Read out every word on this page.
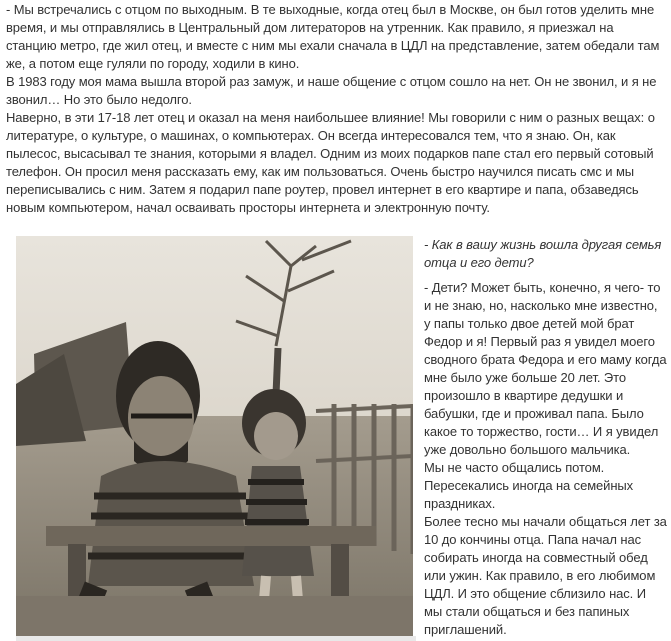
- Мы встречались с отцом по выходным. В те выходные, когда отец был в Москве, он был готов уделить мне время, и мы отправлялись в Центральный дом литераторов на утренник. Как правило, я приезжал на станцию метро, где жил отец, и вместе с ним мы ехали сначала в ЦДЛ на представление, затем обедали там же, а потом еще гуляли по городу, ходили в кино.

В 1983 году моя мама вышла второй раз замуж, и наше общение с отцом сошло на нет. Он не звонил, и я не звонил… Но это было недолго.

Наверно, в эти 17-18 лет отец и оказал на меня наибольшее влияние! Мы говорили с ним о разных вещах: о литературе, о культуре, о машинах, о компьютерах. Он всегда интересовался тем, что я знаю. Он, как пылесос, высасывал те знания, которыми я владел. Одним из моих подарков папе стал его первый сотовый телефон. Он просил меня рассказать ему, как им пользоваться. Очень быстро научился писать смс и мы переписывались с ним. Затем я подарил папе роутер, провел интернет в его квартире и папа, обзаведясь новым компьютером, начал осваивать просторы интернета и электронную почту.

- Как в вашу жизнь вошла другая семья отца и его дети?

- Дети? Может быть, конечно, я чего- то и не знаю, но, насколько мне известно, у папы только двое детей мой брат Федор и я! Первый раз я увидел моего сводного брата Федора и его маму когда мне было уже больше 20 лет. Это произошло в квартире дедушки и бабушки, где и проживал папа. Было какое то торжество, гости… И я увидел уже довольно большого мальчика.
Мы не часто общались потом. Пересекались иногда на семейных праздниках.
Более тесно мы начали общаться лет за 10 до кончины отца. Папа начал нас собирать иногда на совместный обед или ужин. Как правило, в его любимом ЦДЛ. И это общение сблизило нас. И мы стали общаться и без папиных приглашений.
